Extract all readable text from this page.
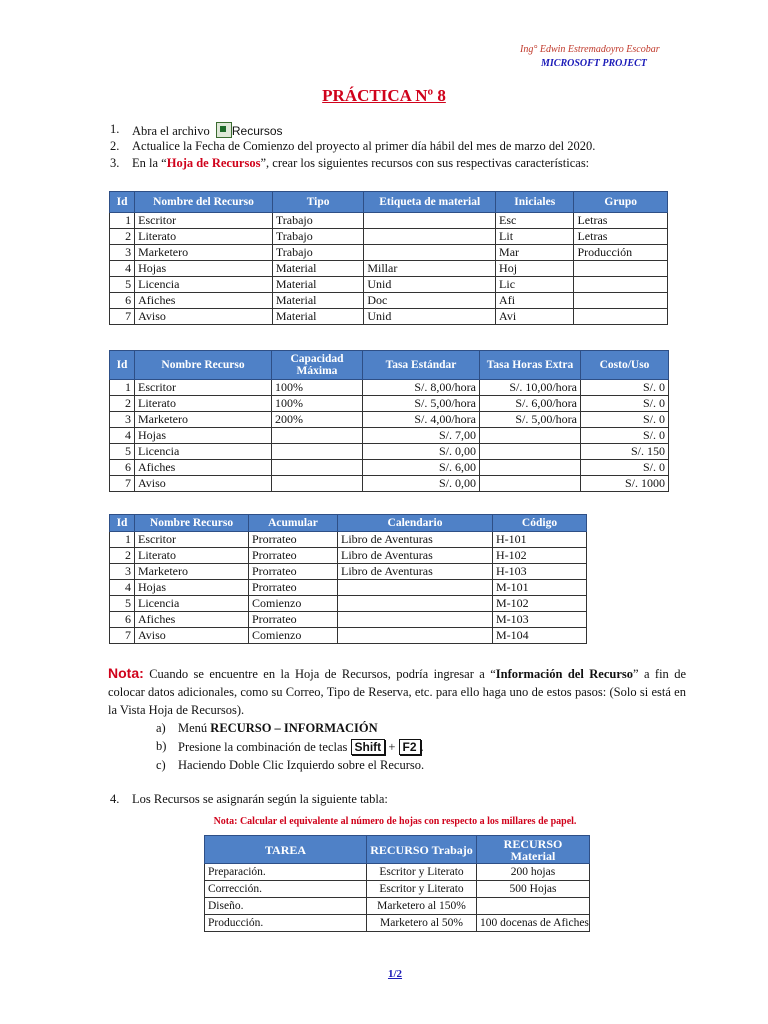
Ing° Edwin Estremadoyro Escobar
MICROSOFT PROJECT
PRÁCTICA Nº 8
1.	Abra el archivo Recursos
2.	Actualice la Fecha de Comienzo del proyecto al primer día hábil del mes de marzo del 2020.
3.	En la “Hoja de Recursos”, crear los siguientes recursos con sus respectivas características:
Id	Nombre del Recurso	Tipo	Etiqueta de material	Iniciales	Grupo
1	Escritor	Trabajo		Esc	Letras
2	Literato	Trabajo		Lit	Letras
3	Marketero	Trabajo		Mar	Producción
4	Hojas	Material	Millar	Hoj	
5	Licencia	Material	Unid	Lic	
6	Afiches	Material	Doc	Afi	
7	Aviso	Material	Unid	Avi	
Id	Nombre Recurso	Capacidad Máxima	Tasa Estándar	Tasa Horas Extra	Costo/Uso
1	Escritor	100%	S/. 8,00/hora	S/. 10,00/hora	S/. 0
2	Literato	100%	S/. 5,00/hora	S/. 6,00/hora	S/. 0
3	Marketero	200%	S/. 4,00/hora	S/. 5,00/hora	S/. 0
4	Hojas		S/. 7,00		S/. 0
5	Licencia		S/. 0,00		S/. 150
6	Afiches		S/. 6,00		S/. 0
7	Aviso		S/. 0,00		S/. 1000
Id	Nombre Recurso	Acumular	Calendario	Código
1	Escritor	Prorrateo	Libro de Aventuras	H-101
2	Literato	Prorrateo	Libro de Aventuras	H-102
3	Marketero	Prorrateo	Libro de Aventuras	H-103
4	Hojas	Prorrateo		M-101
5	Licencia	Comienzo		M-102
6	Afiches	Prorrateo		M-103
7	Aviso	Comienzo		M-104
Nota: Cuando se encuentre en la Hoja de Recursos, podría ingresar a “Información del Recurso” a fin de colocar datos adicionales, como su Correo, Tipo de Reserva, etc. para ello haga uno de estos pasos: (Solo si está en la Vista Hoja de Recursos).
a) Menú RECURSO – INFORMACIÓN
b) Presione la combinación de teclas Shift + F2 .
c) Haciendo Doble Clic Izquierdo sobre el Recurso.
4.	Los Recursos se asignarán según la siguiente tabla:
Nota: Calcular el equivalente al número de hojas con respecto a los millares de papel.
TAREA	RECURSO Trabajo	RECURSO Material
Preparación.	Escritor y Literato	200 hojas
Corrección.	Escritor y Literato	500 Hojas
Diseño.	Marketero al 150%	
Producción.	Marketero al 50%	100 docenas de Afiches
1/2
